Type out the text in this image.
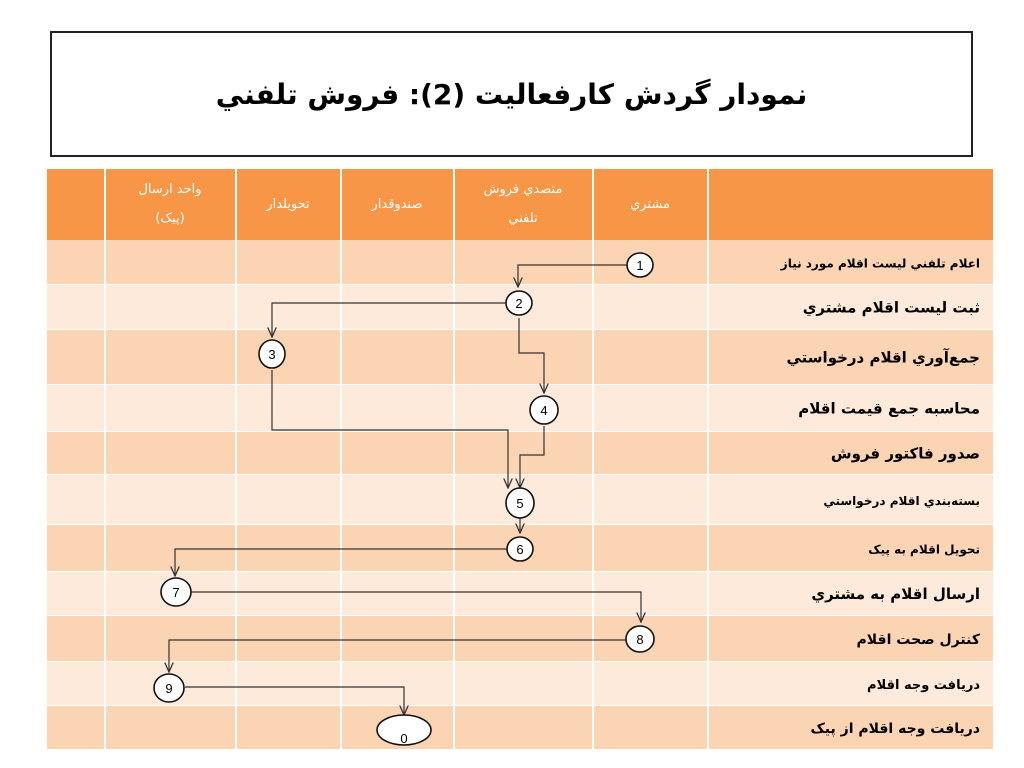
نمودار گردش کارفعاليت (2): فروش تلفني
واحد ارسال
(پيک)
تحويلدار	صندوقدار
متصدي فروش
تلفني
مشتري
1
2
3
4
5
6
7
8
9
0
اعلام تلفني ليست اقلام مورد نياز
ثبت ليست اقلام مشتري
جمع‌آوري اقلام درخواستي
محاسبه جمع قيمت اقلام
صدور فاکتور فروش
بسته‌بندي اقلام درخواستي
تحويل اقلام به پيک
ارسال اقلام به مشتري
کنترل صحت اقلام
دريافت وجه اقلام
دريافت وجه اقلام از پيک
